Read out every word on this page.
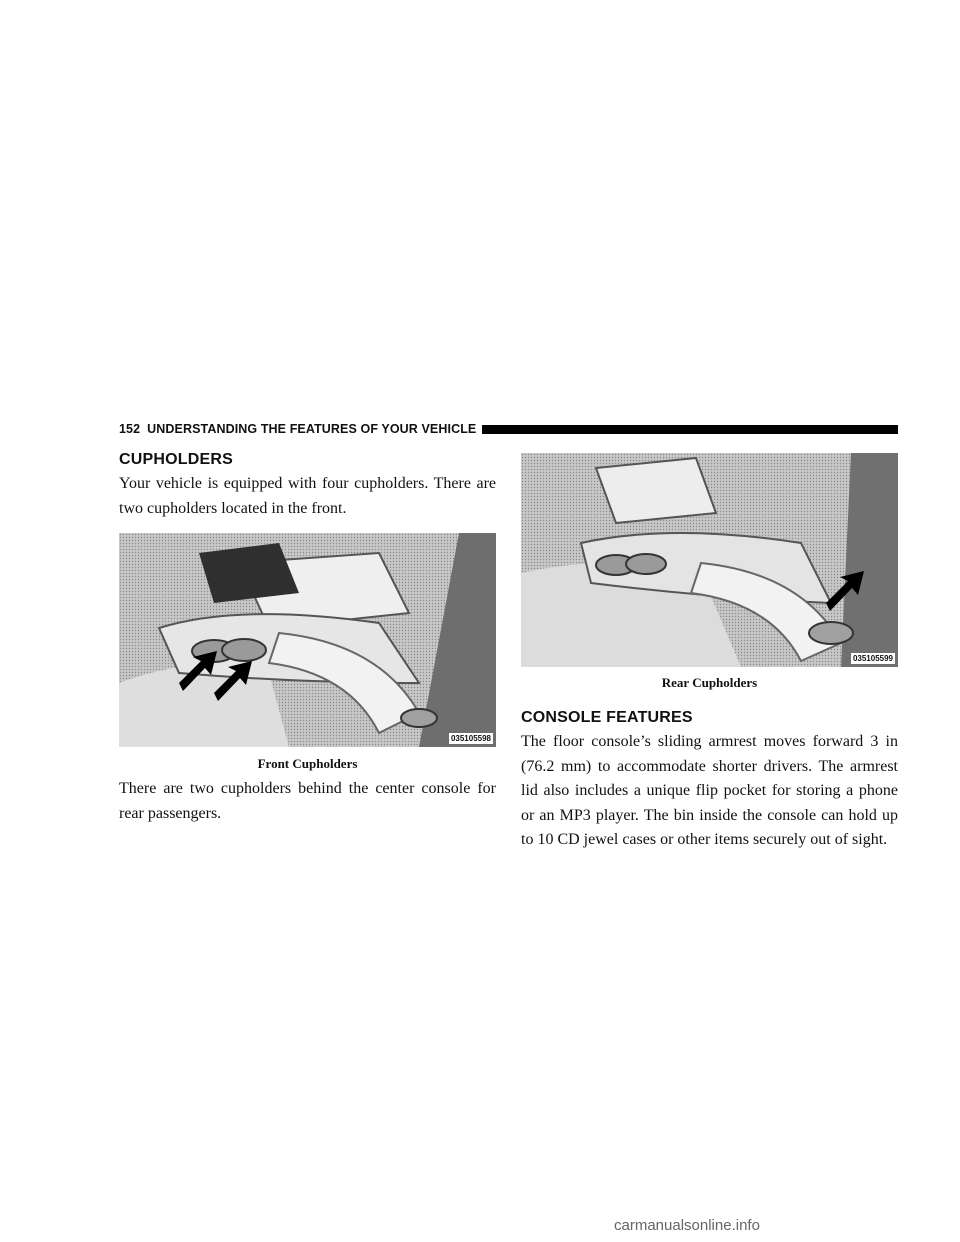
152 UNDERSTANDING THE FEATURES OF YOUR VEHICLE
CUPHOLDERS

Your vehicle is equipped with four cupholders. There are two cupholders located in the front.

035105598
Front Cupholders

There are two cupholders behind the center console for rear passengers.

035105599
Rear Cupholders
CONSOLE FEATURES

The floor console’s sliding armrest moves forward 3 in (76.2 mm) to accommodate shorter drivers. The armrest lid also includes a unique flip pocket for storing a phone or an MP3 player. The bin inside the console can hold up to 10 CD jewel cases or other items securely out of sight.

carmanualsonline.info
